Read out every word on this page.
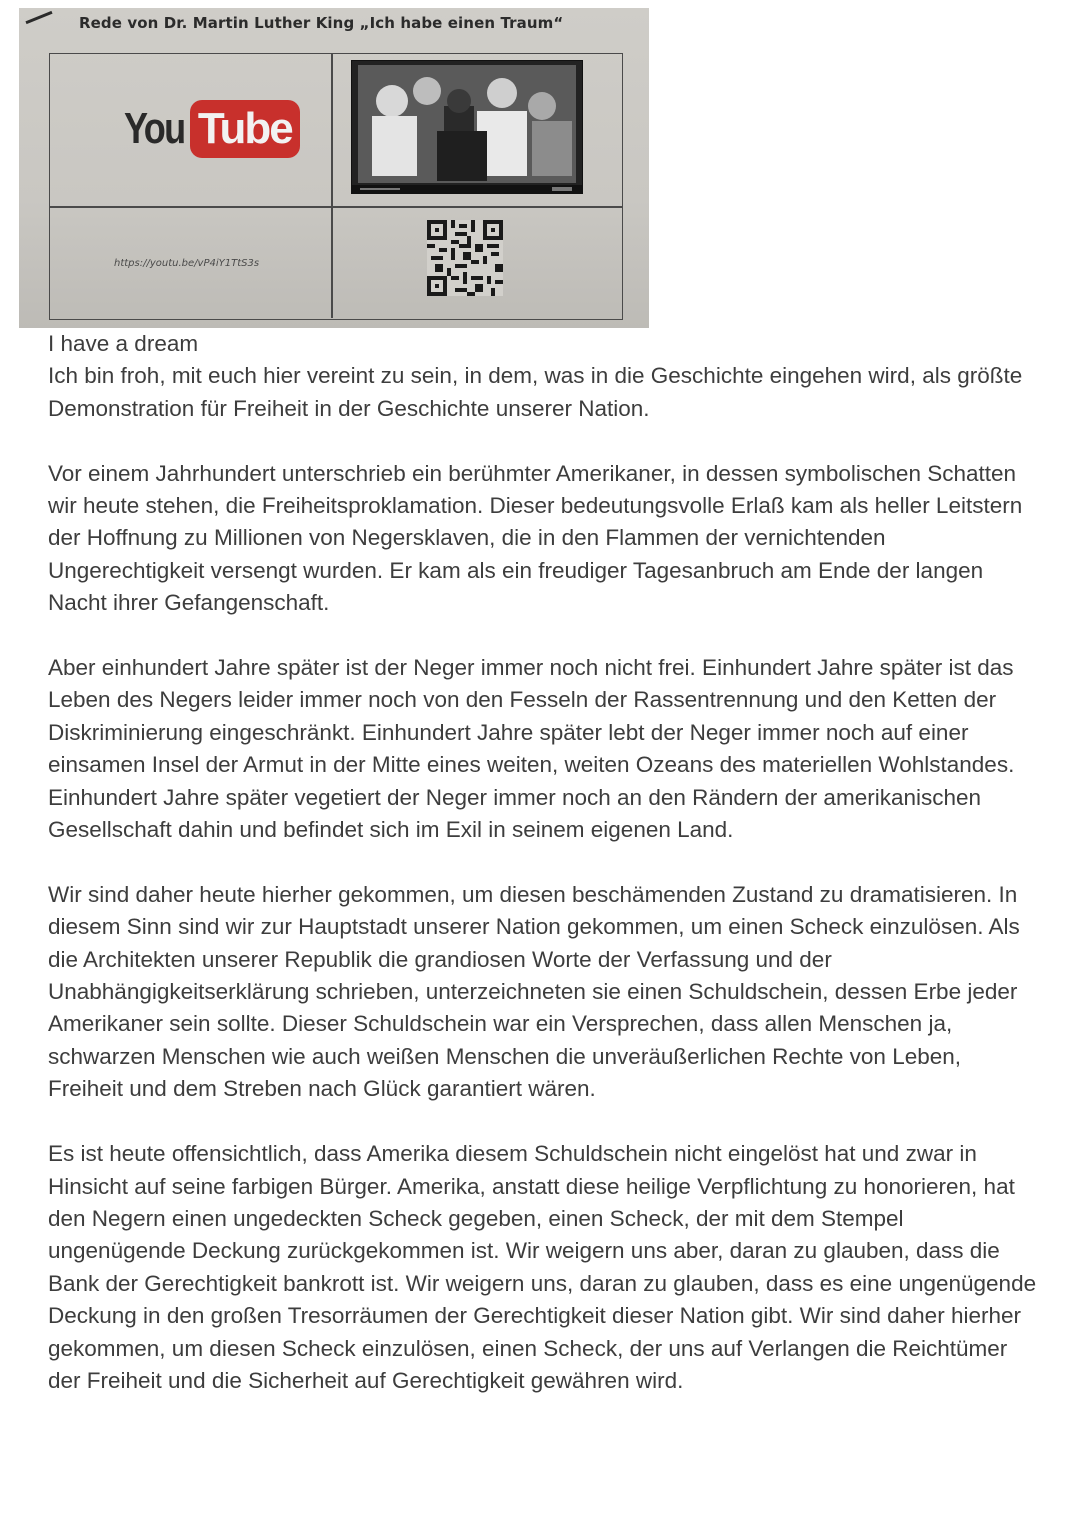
Rede von Dr. Martin Luther King „Ich habe einen Traum“
You Tube
https://youtu.be/vP4iY1TtS3s
I have a dream

Ich bin froh, mit euch hier vereint zu sein, in dem, was in die Geschichte eingehen wird, als größte Demonstration für Freiheit in der Geschichte unserer Nation.

Vor einem Jahrhundert unterschrieb ein berühmter Amerikaner, in dessen symbolischen Schatten wir heute stehen, die Freiheitsproklamation. Dieser bedeutungsvolle Erlaß kam als heller Leitstern der Hoffnung zu Millionen von Negersklaven, die in den Flammen der vernichtenden Ungerechtigkeit versengt wurden. Er kam als ein freudiger Tagesanbruch am Ende der langen Nacht ihrer Gefangenschaft.

Aber einhundert Jahre später ist der Neger immer noch nicht frei. Einhundert Jahre später ist das Leben des Negers leider immer noch von den Fesseln der Rassentrennung und den Ketten der Diskriminierung eingeschränkt. Einhundert Jahre später lebt der Neger immer noch auf einer einsamen Insel der Armut in der Mitte eines weiten, weiten Ozeans des materiellen Wohlstandes. Einhundert Jahre später vegetiert der Neger immer noch an den Rändern der amerikanischen Gesellschaft dahin und befindet sich im Exil in seinem eigenen Land.

Wir sind daher heute hierher gekommen, um diesen beschämenden Zustand zu dramatisieren. In diesem Sinn sind wir zur Hauptstadt unserer Nation gekommen, um einen Scheck einzulösen. Als die Architekten unserer Republik die grandiosen Worte der Verfassung und der Unabhängigkeitserklärung schrieben, unterzeichneten sie einen Schuldschein, dessen Erbe jeder Amerikaner sein sollte. Dieser Schuldschein war ein Versprechen, dass allen Menschen ja, schwarzen Menschen wie auch weißen Menschen die unveräußerlichen Rechte von Leben, Freiheit und dem Streben nach Glück garantiert wären.

Es ist heute offensichtlich, dass Amerika diesem Schuldschein nicht eingelöst hat und zwar in Hinsicht auf seine farbigen Bürger. Amerika, anstatt diese heilige Verpflichtung zu honorieren, hat den Negern einen ungedeckten Scheck gegeben, einen Scheck, der mit dem Stempel ungenügende Deckung zurückgekommen ist. Wir weigern uns aber, daran zu glauben, dass die Bank der Gerechtigkeit bankrott ist. Wir weigern uns, daran zu glauben, dass es eine ungenügende Deckung in den großen Tresorräumen der Gerechtigkeit dieser Nation gibt. Wir sind daher hierher gekommen, um diesen Scheck einzulösen, einen Scheck, der uns auf Verlangen die Reichtümer der Freiheit und die Sicherheit auf Gerechtigkeit gewähren wird.
